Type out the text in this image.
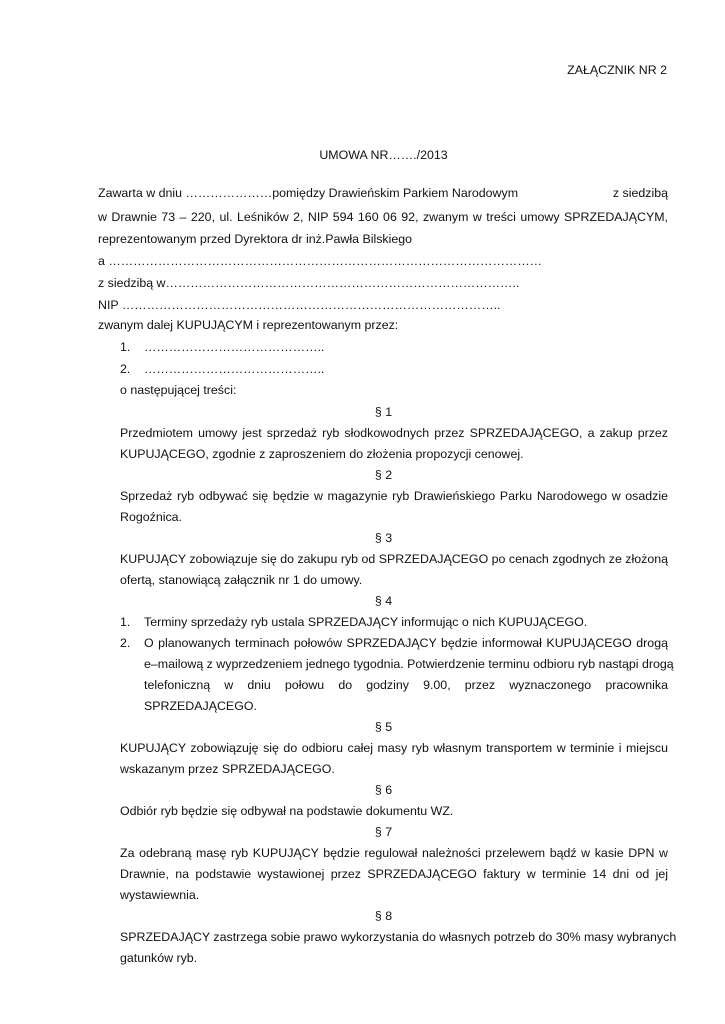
ZAŁĄCZNIK NR 2
UMOWA NR……./2013
Zawarta w dniu …………………pomiędzy Drawieńskim Parkiem Narodowym	z siedzibą
w Drawnie 73 – 220, ul. Leśników 2, NIP 594 160 06 92, zwanym w treści umowy SPRZEDAJĄCYM,
reprezentowanym przed Dyrektora dr inż.Pawła Bilskiego
a ……………………………………………………………………………………………
z siedzibą w…………………………………………………………………………..
NIP ………………………………………………………………………………..
zwanym dalej KUPUJĄCYM i reprezentowanym przez:
1. ……………………………………..
2. ……………………………………..
o następującej treści:
§ 1
Przedmiotem umowy jest sprzedaż ryb słodkowodnych przez SPRZEDAJĄCEGO, a zakup przez
KUPUJĄCEGO, zgodnie z zaproszeniem do złożenia propozycji cenowej.
§ 2
Sprzedaż ryb odbywać się będzie w magazynie ryb Drawieńskiego Parku Narodowego w osadzie
Rogoźnica.
§ 3
KUPUJĄCY zobowiązuje się do zakupu ryb od SPRZEDAJĄCEGO po cenach zgodnych ze złożoną
ofertą, stanowiącą załącznik nr 1 do umowy.
§ 4
1. Terminy sprzedaży ryb ustala SPRZEDAJĄCY informując o nich KUPUJĄCEGO.
2. O planowanych terminach połowów SPRZEDAJĄCY będzie informował KUPUJĄCEGO drogą
e–mailową z wyprzedzeniem jednego tygodnia. Potwierdzenie terminu odbioru ryb nastąpi drogą
telefoniczną w dniu połowu do godziny 9.00, przez wyznaczonego pracownika
SPRZEDAJĄCEGO.
§ 5
KUPUJĄCY zobowiązuję się do odbioru całej masy ryb własnym transportem w terminie i miejscu
wskazanym przez SPRZEDAJĄCEGO.
§ 6
Odbiór ryb będzie się odbywał na podstawie dokumentu WZ.
§ 7
Za odebraną masę ryb KUPUJĄCY będzie regulował należności przelewem bądź w kasie DPN w
Drawnie, na podstawie wystawionej przez SPRZEDAJĄCEGO faktury w terminie 14 dni od jej
wystawiewnia.
§ 8
SPRZEDAJĄCY zastrzega sobie prawo wykorzystania do własnych potrzeb do 30% masy wybranych
gatunków ryb.
